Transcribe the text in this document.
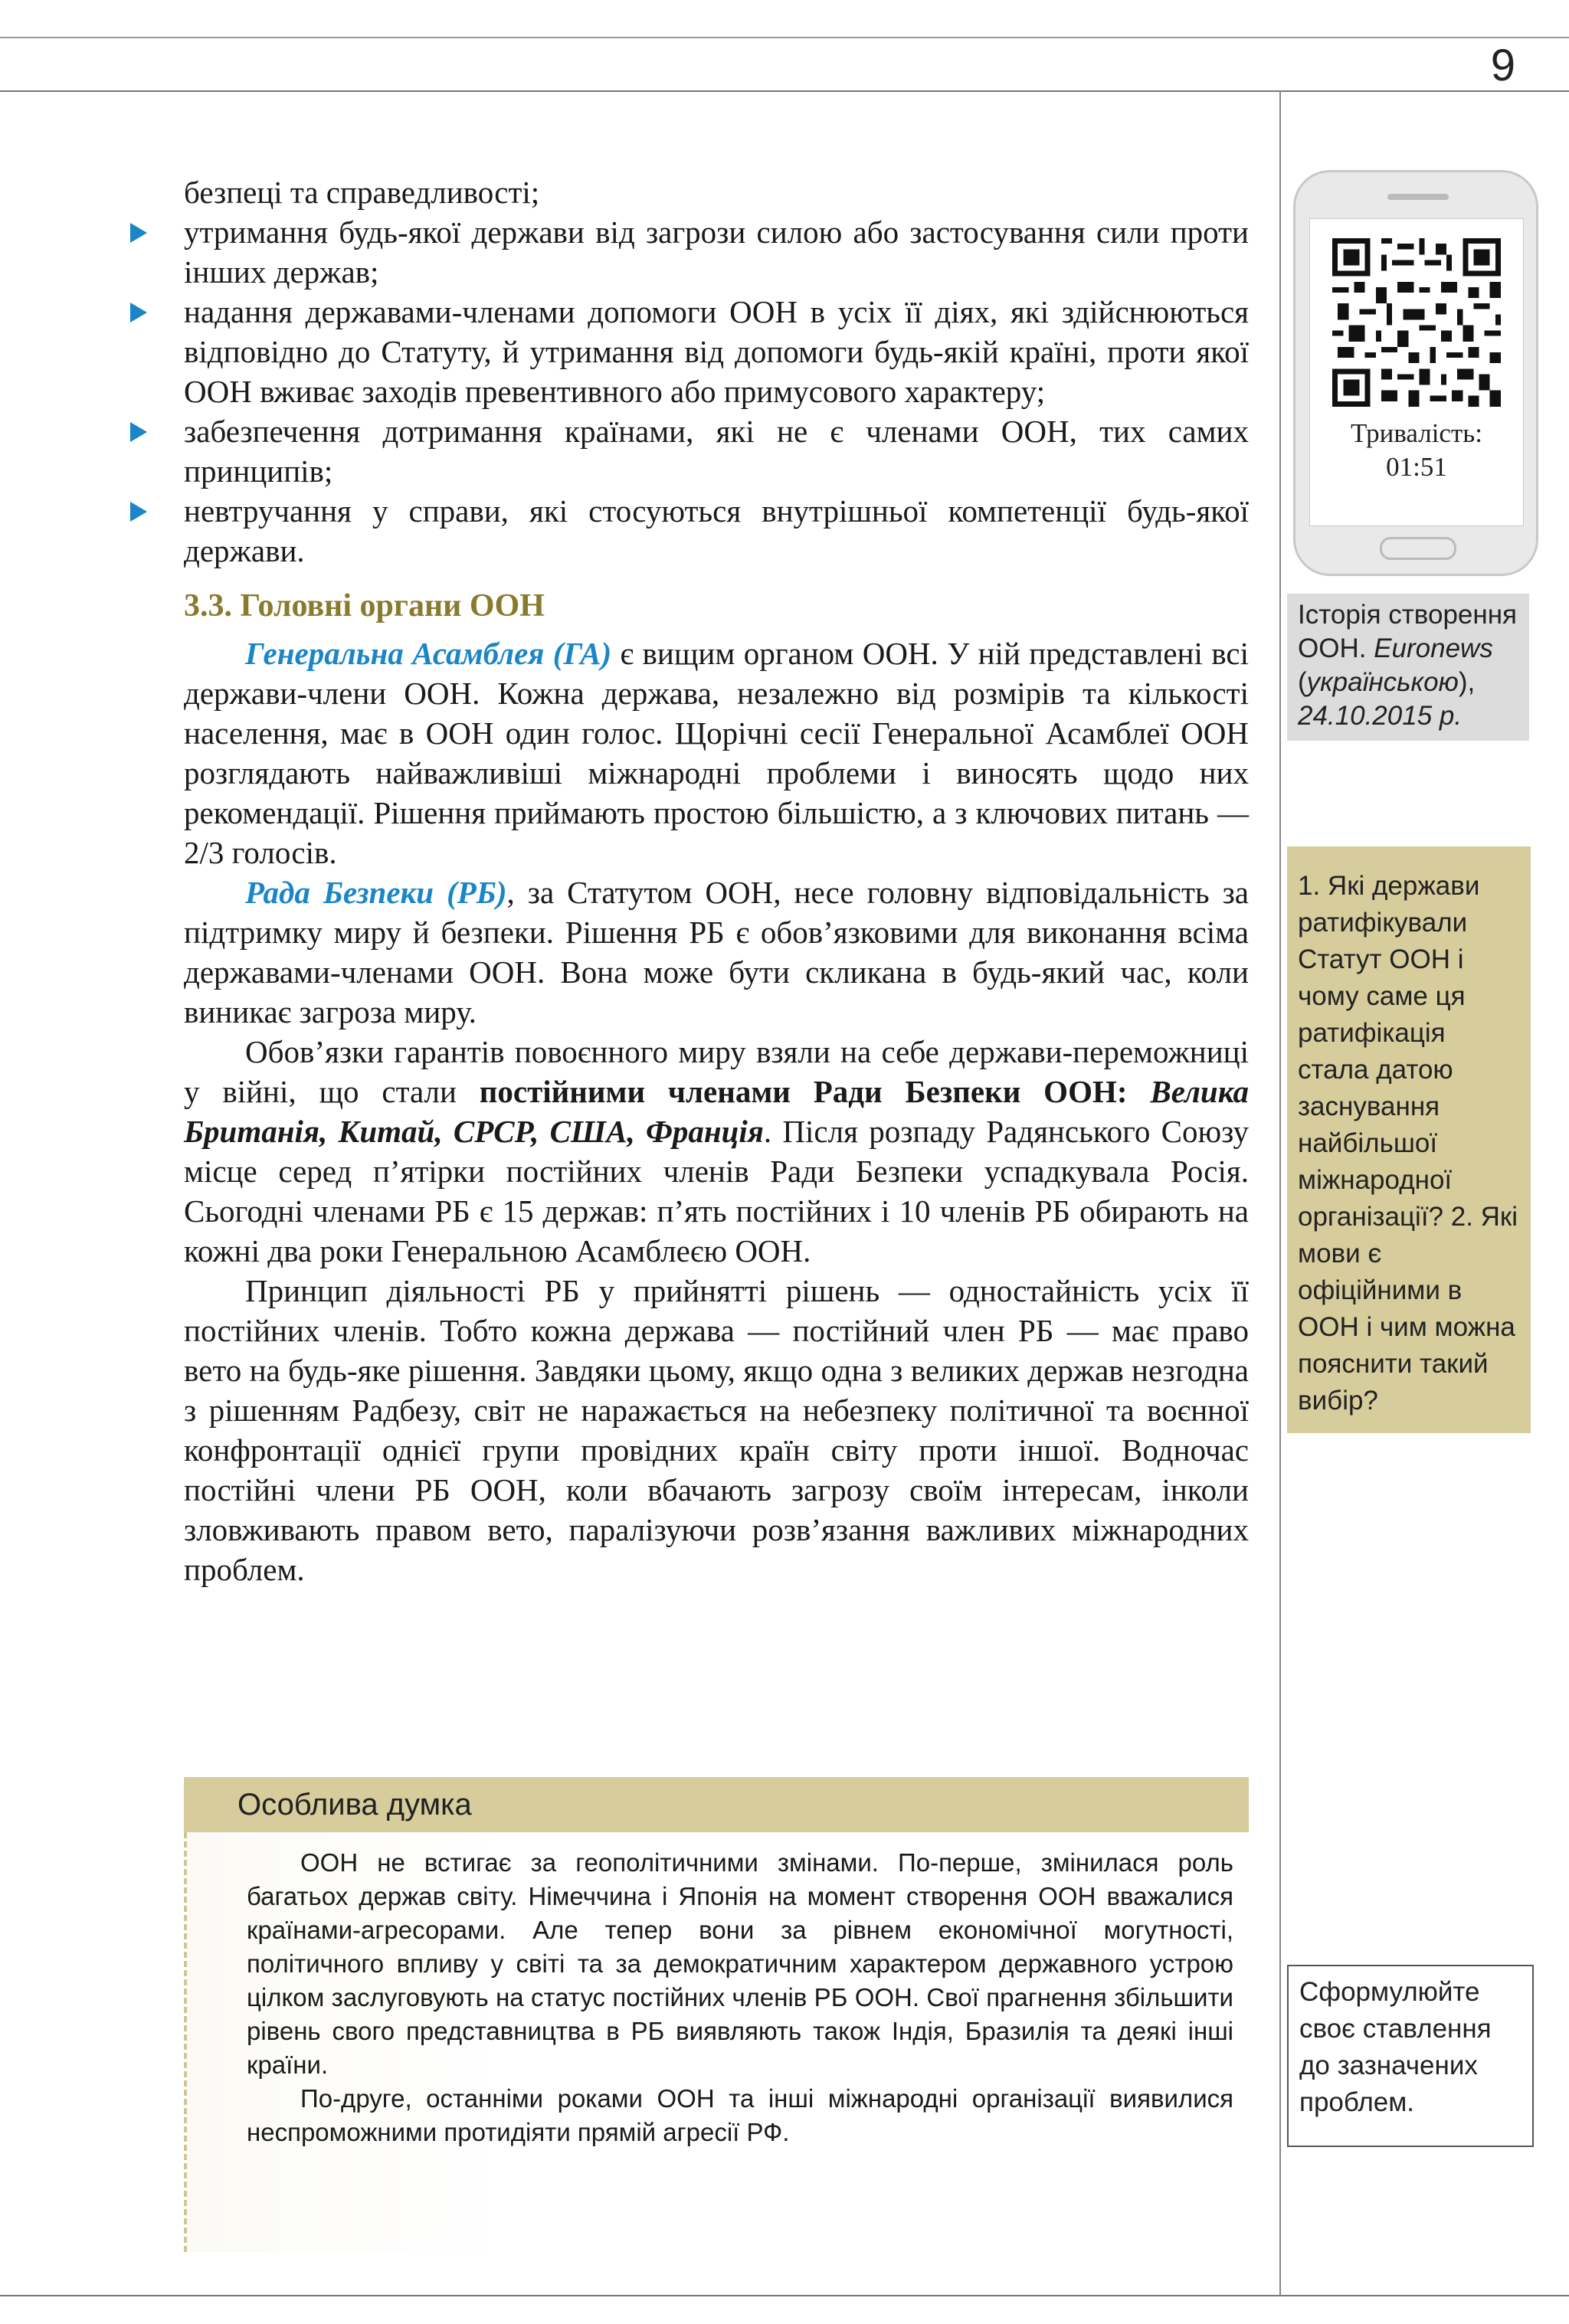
9

безпеці та справедливості;

утримання будь-якої держави від загрози силою або застосування сили проти інших держав;
надання державами-членами допомоги ООН в усіх її діях, які здійснюються відповідно до Статуту, й утримання від допомоги будь-якій країні, проти якої ООН вживає заходів превентивного або примусового характеру;
забезпечення дотримання країнами, які не є членами ООН, тих самих принципів;
невтручання у справи, які стосуються внутрішньої компетенції будь-якої держави.
3.3. Головні органи ООН

Генеральна Асамблея (ГА) є вищим органом ООН. У ній представлені всі держави-члени ООН. Кожна держава, незалежно від розмірів та кількості населення, має в ООН один голос. Щорічні сесії Генеральної Асамблеї ООН розглядають найважливіші міжнародні проблеми і виносять щодо них рекомендації. Рішення приймають простою більшістю, а з ключових питань — 2/3 голосів.

Рада Безпеки (РБ), за Статутом ООН, несе головну відповідальність за підтримку миру й безпеки. Рішення РБ є обов’язковими для виконання всіма державами-членами ООН. Вона може бути скликана в будь-який час, коли виникає загроза миру.

Обов’язки гарантів повоєнного миру взяли на себе держави-переможниці у війні, що стали постійними членами Ради Безпеки ООН: Велика Британія, Китай, СРСР, США, Франція. Після розпаду Радянського Союзу місце серед п’ятірки постійних членів Ради Безпеки успадкувала Росія. Сьогодні членами РБ є 15 держав: п’ять постійних і 10 членів РБ обирають на кожні два роки Генеральною Асамблеєю ООН.

Принцип діяльності РБ у прийнятті рішень — одностайність усіх її постійних членів. Тобто кожна держава — постійний член РБ — має право вето на будь-яке рішення. Завдяки цьому, якщо одна з великих держав незгодна з рішенням Радбезу, світ не наражається на небезпеку політичної та воєнної конфронтації однієї групи провідних країн світу проти іншої. Водночас постійні члени РБ ООН, коли вбачають загрозу своїм інтересам, інколи зловживають правом вето, паралізуючи розв’язання важливих міжнародних проблем.

Особлива думка

ООН не встигає за геополітичними змінами. По-перше, змінилася роль багатьох держав світу. Німеччина і Японія на момент створення ООН вважалися країнами-агресорами. Але тепер вони за рівнем економічної могутності, політичного впливу у світі та за демократичним характером державного устрою цілком заслуговують на статус постійних членів РБ ООН. Свої прагнення збільшити рівень свого представництва в РБ виявляють також Індія, Бразилія та деякі інші країни.

По-друге, останніми роками ООН та інші міжнародні організації виявилися неспроможними протидіяти прямій агресії РФ.

Тривалість:
01:51
Історія створення ООН. Euronews (українською), 24.10.2015 р.
1. Які держави ратифікували Статут ООН і чому саме ця ратифікація стала датою заснування найбільшої міжнародної організації? 2. Які мови є офіційними в ООН і чим можна пояснити такий вибір?
Сформулюйте своє ставлення до зазначених проблем.
